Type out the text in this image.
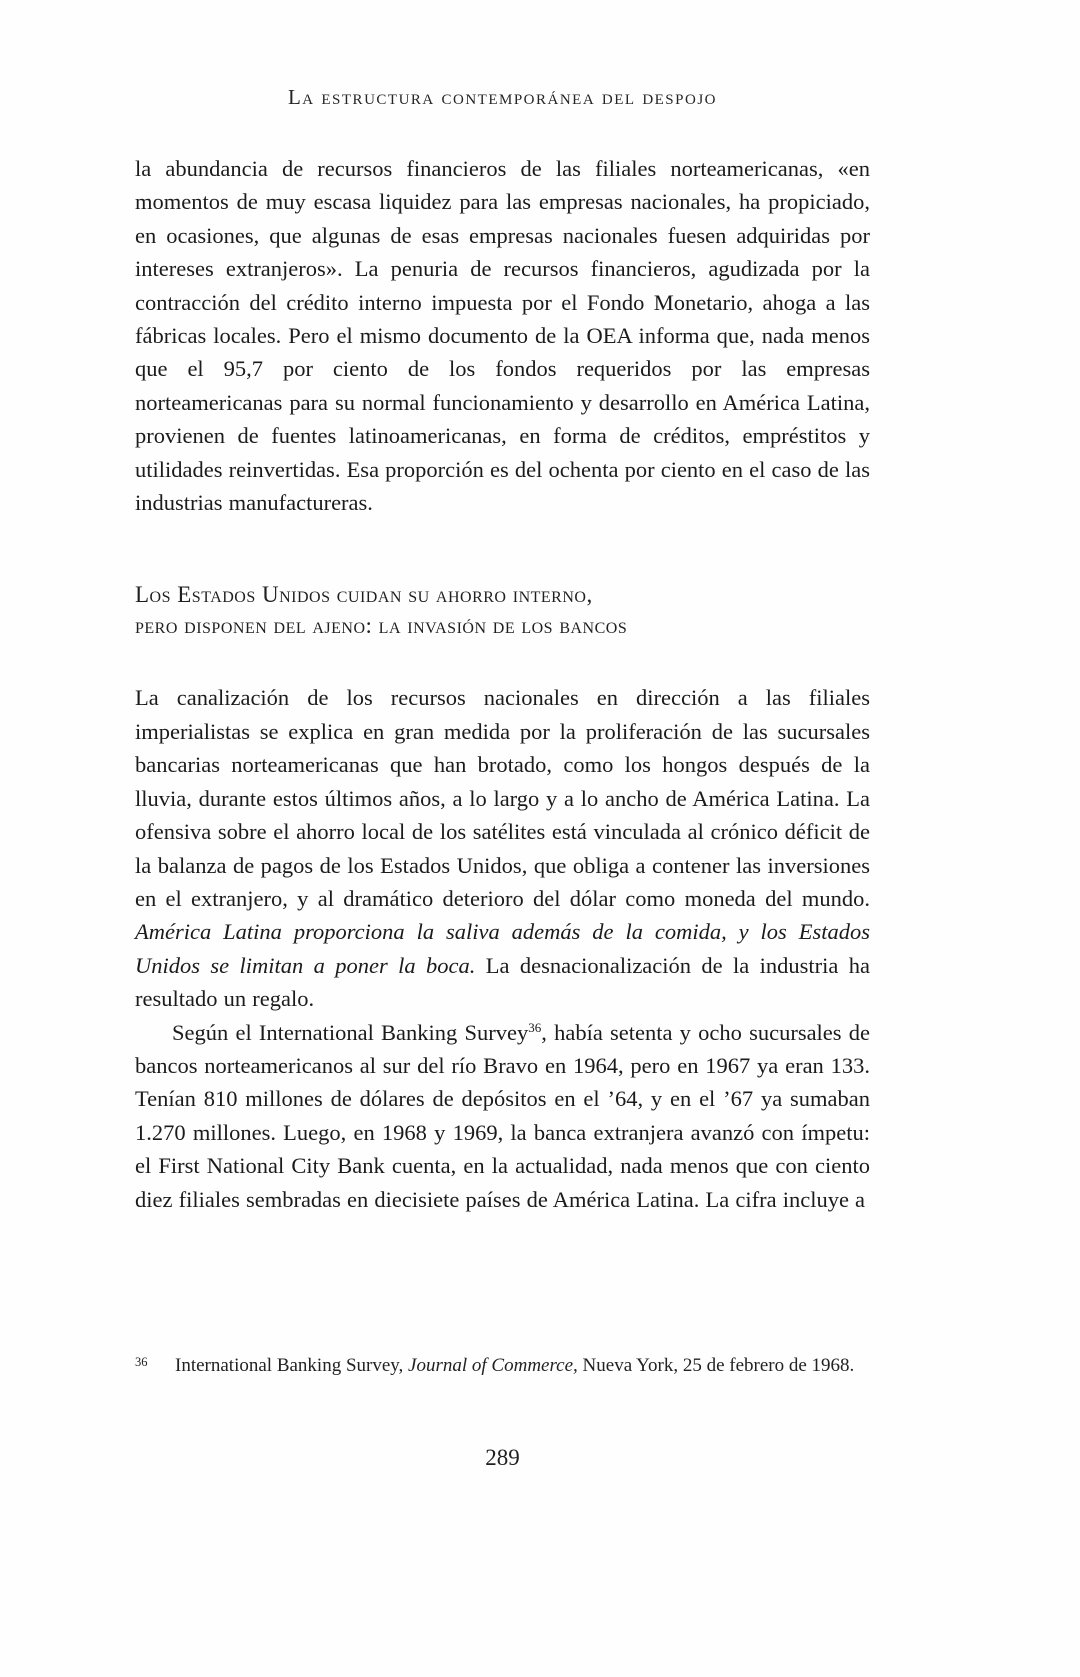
La estructura contemporánea del despojo

la abundancia de recursos financieros de las filiales norteamericanas, «en momentos de muy escasa liquidez para las empresas nacionales, ha propiciado, en ocasiones, que algunas de esas empresas nacionales fuesen adquiridas por intereses extranjeros». La penuria de recursos financieros, agudizada por la contracción del crédito interno impuesta por el Fondo Monetario, ahoga a las fábricas locales. Pero el mismo documento de la OEA informa que, nada menos que el 95,7 por ciento de los fondos requeridos por las empresas norteamericanas para su normal funcionamiento y desarrollo en América Latina, provienen de fuentes latinoamericanas, en forma de créditos, empréstitos y utilidades reinvertidas. Esa proporción es del ochenta por ciento en el caso de las industrias manufactureras.

Los Estados Unidos cuidan su ahorro interno,
pero disponen del ajeno: la invasión de los bancos

La canalización de los recursos nacionales en dirección a las filiales imperialistas se explica en gran medida por la proliferación de las sucursales bancarias norteamericanas que han brotado, como los hongos después de la lluvia, durante estos últimos años, a lo largo y a lo ancho de América Latina. La ofensiva sobre el ahorro local de los satélites está vinculada al crónico déficit de la balanza de pagos de los Estados Unidos, que obliga a contener las inversiones en el extranjero, y al dramático deterioro del dólar como moneda del mundo. América Latina proporciona la saliva además de la comida, y los Estados Unidos se limitan a poner la boca. La desnacionalización de la industria ha resultado un regalo.

Según el International Banking Survey$^{36}$, había setenta y ocho sucursales de bancos norteamericanos al sur del río Bravo en 1964, pero en 1967 ya eran 133. Tenían 810 millones de dólares de depósitos en el ’64, y en el ’67 ya sumaban 1.270 millones. Luego, en 1968 y 1969, la banca extranjera avanzó con ímpetu: el First National City Bank cuenta, en la actualidad, nada menos que con ciento diez filiales sembradas en diecisiete países de América Latina. La cifra incluye a

36	International Banking Survey, Journal of Commerce, Nueva York, 25 de febrero de 1968.
289
